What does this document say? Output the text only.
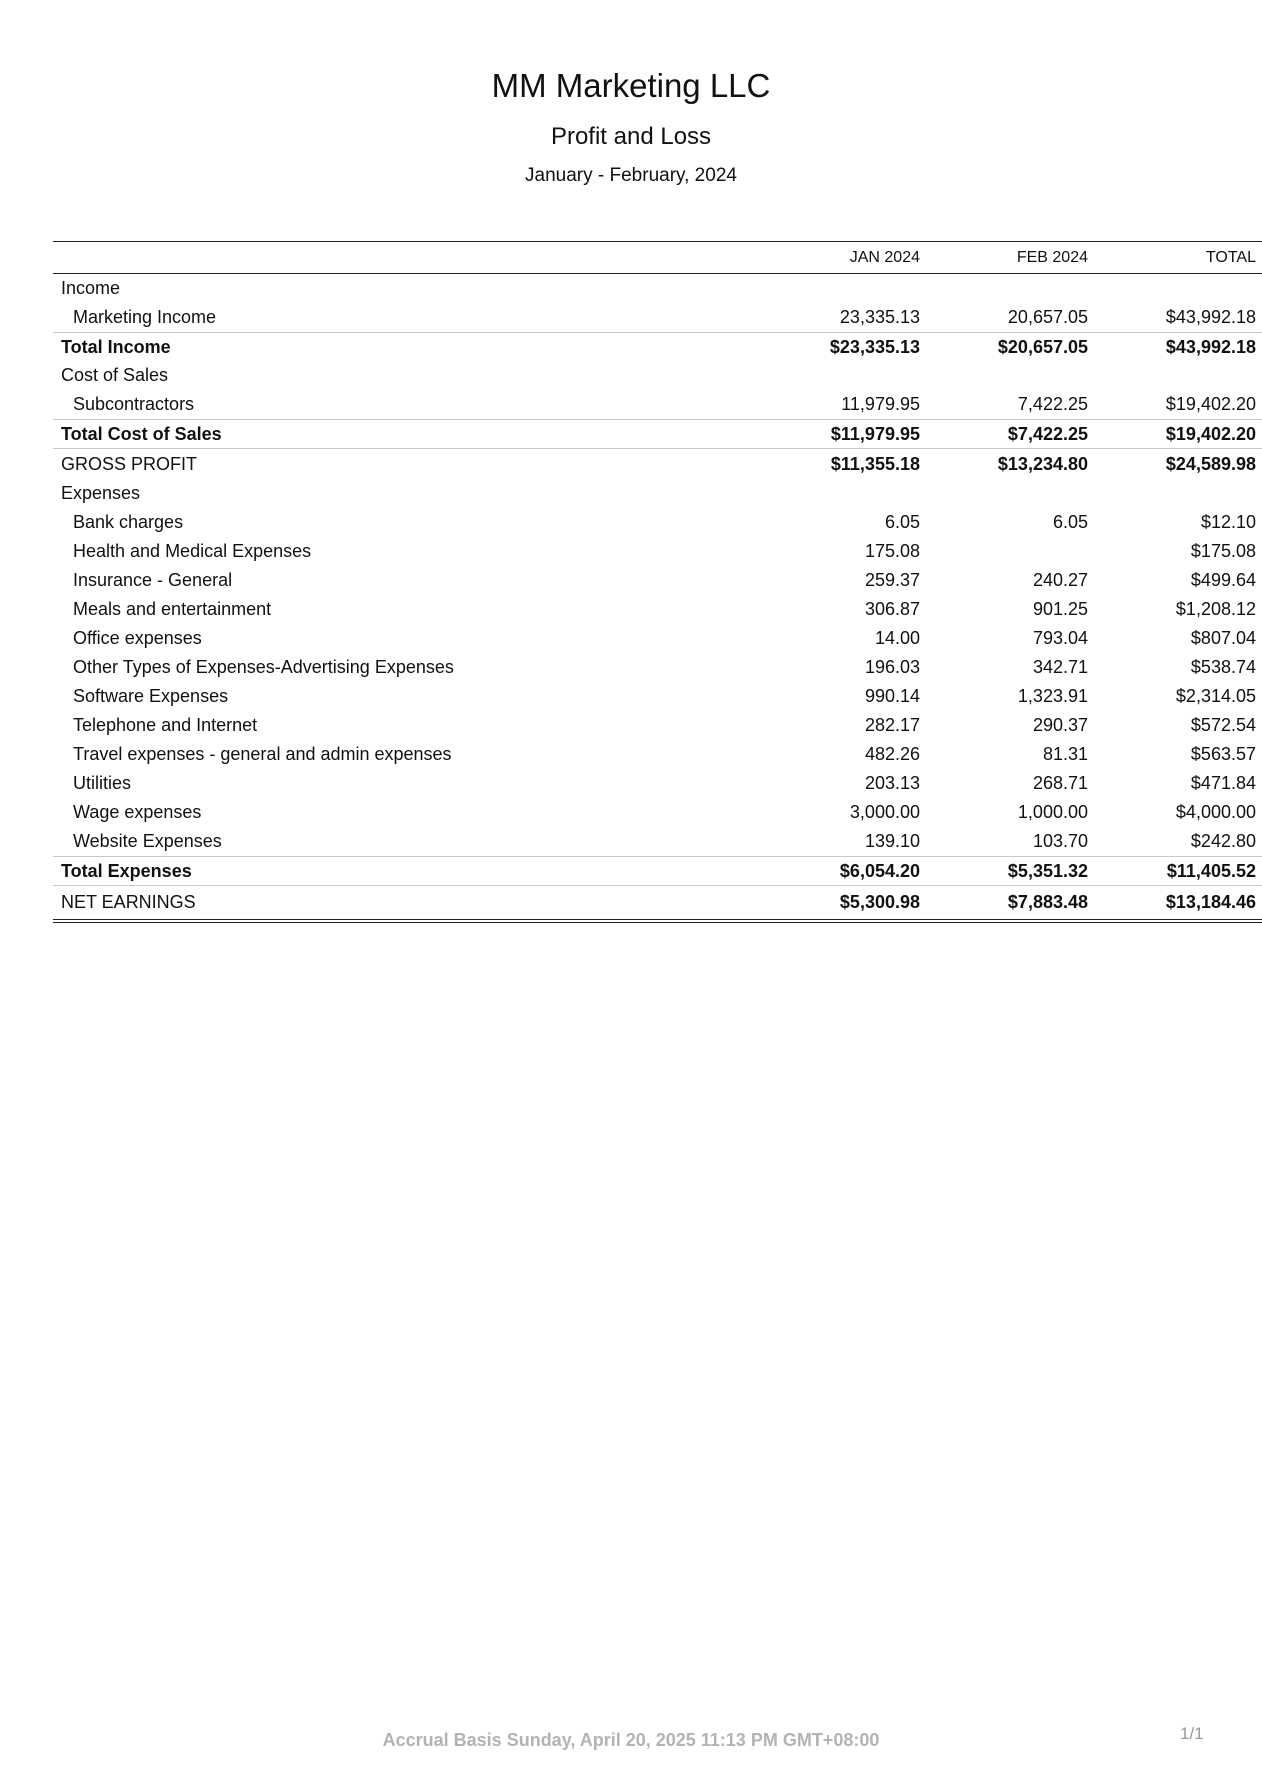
MM Marketing LLC
Profit and Loss
January - February, 2024
	JAN 2024	FEB 2024	TOTAL
Income			
Marketing Income	23,335.13	20,657.05	$43,992.18
Total Income	$23,335.13	$20,657.05	$43,992.18
Cost of Sales			
Subcontractors	11,979.95	7,422.25	$19,402.20
Total Cost of Sales	$11,979.95	$7,422.25	$19,402.20
GROSS PROFIT	$11,355.18	$13,234.80	$24,589.98
Expenses			
Bank charges	6.05	6.05	$12.10
Health and Medical Expenses	175.08		$175.08
Insurance - General	259.37	240.27	$499.64
Meals and entertainment	306.87	901.25	$1,208.12
Office expenses	14.00	793.04	$807.04
Other Types of Expenses-Advertising Expenses	196.03	342.71	$538.74
Software Expenses	990.14	1,323.91	$2,314.05
Telephone and Internet	282.17	290.37	$572.54
Travel expenses - general and admin expenses	482.26	81.31	$563.57
Utilities	203.13	268.71	$471.84
Wage expenses	3,000.00	1,000.00	$4,000.00
Website Expenses	139.10	103.70	$242.80
Total Expenses	$6,054.20	$5,351.32	$11,405.52
NET EARNINGS	$5,300.98	$7,883.48	$13,184.46
Accrual Basis Sunday, April 20, 2025 11:13 PM GMT+08:00	1/1
